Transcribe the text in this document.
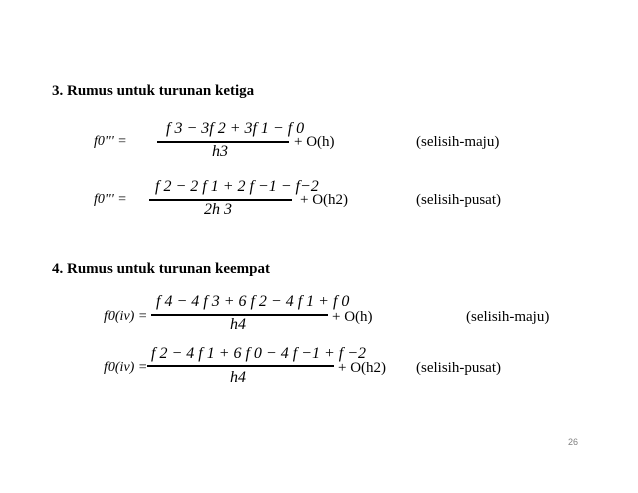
3. Rumus untuk turunan ketiga
f0"' =
f 3 − 3f 2 + 3f 1 − f 0
h3
+ O(h)	(selisih-maju)
f0"' =
f 2 − 2 f 1 + 2 f −1 − f−2
2h 3
+ O(h2)	(selisih-pusat)
4. Rumus untuk turunan keempat
f0(iv) =
f 4 − 4 f 3 + 6 f 2 − 4 f 1 + f 0
h4	+ O(h)	(selisih-maju)
f0(iv) =
f 2 − 4 f 1 + 6 f 0 − 4 f −1 + f −2
h4
+ O(h2) (selisih-pusat)
26
